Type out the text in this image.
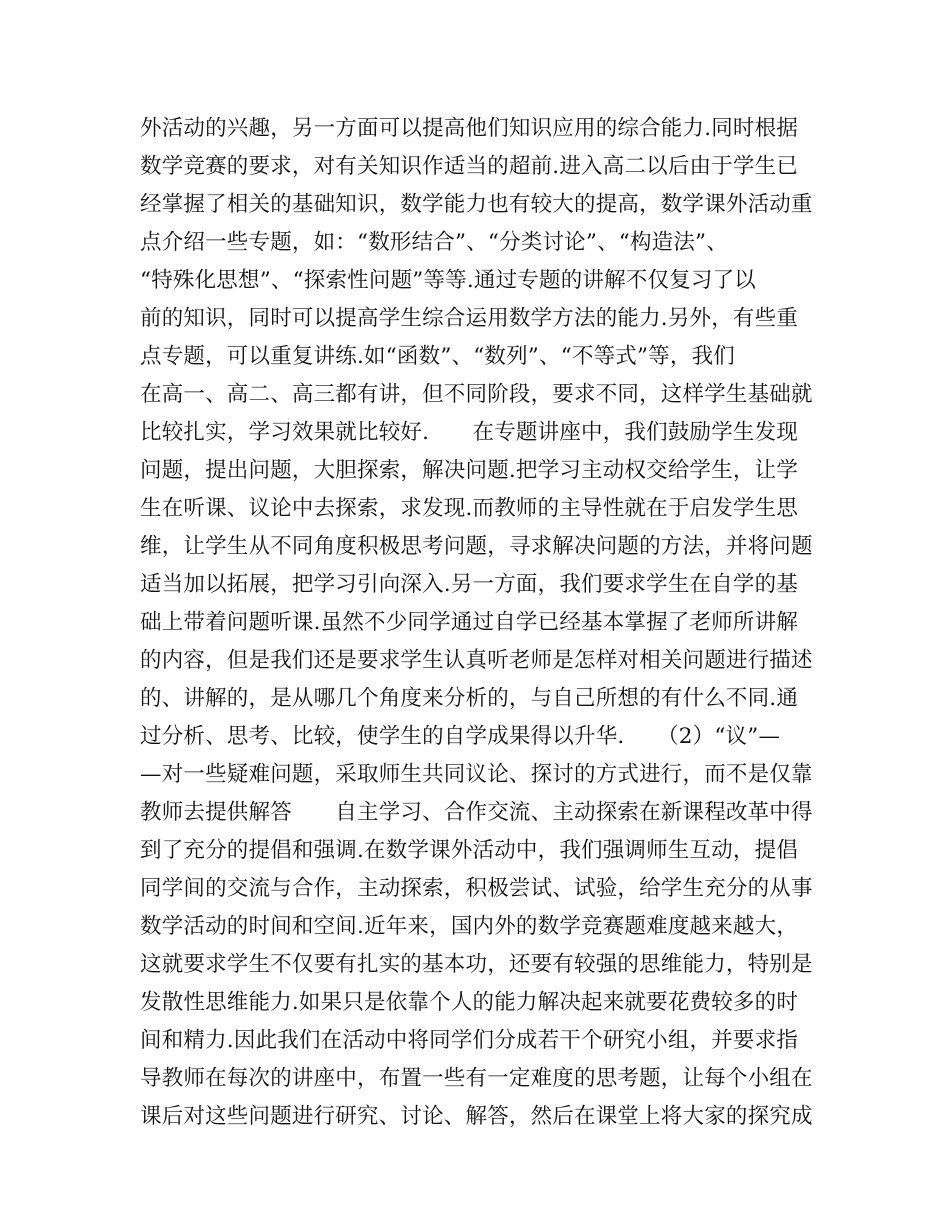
外活动的兴趣，另一方面可以提高他们知识应用的综合能力.同时根据
数学竞赛的要求，对有关知识作适当的超前.进入高二以后由于学生已
经掌握了相关的基础知识，数学能力也有较大的提高，数学课外活动重
点介绍一些专题，如：“数形结合”、“分类讨论”、“构造法”、
“特殊化思想”、“探索性问题”等等.通过专题的讲解不仅复习了以
前的知识，同时可以提高学生综合运用数学方法的能力.另外，有些重
点专题，可以重复讲练.如“函数”、“数列”、“不等式”等，我们
在高一、高二、高三都有讲，但不同阶段，要求不同，这样学生基础就
比较扎实，学习效果就比较好.　　在专题讲座中，我们鼓励学生发现
问题，提出问题，大胆探索，解决问题.把学习主动权交给学生，让学
生在听课、议论中去探索，求发现.而教师的主导性就在于启发学生思
维，让学生从不同角度积极思考问题，寻求解决问题的方法，并将问题
适当加以拓展，把学习引向深入.另一方面，我们要求学生在自学的基
础上带着问题听课.虽然不少同学通过自学已经基本掌握了老师所讲解
的内容，但是我们还是要求学生认真听老师是怎样对相关问题进行描述
的、讲解的，是从哪几个角度来分析的，与自己所想的有什么不同.通
过分析、思考、比较，使学生的自学成果得以升华.　　（2）“议”—
—对一些疑难问题，采取师生共同议论、探讨的方式进行，而不是仅靠
教师去提供解答　　自主学习、合作交流、主动探索在新课程改革中得
到了充分的提倡和强调.在数学课外活动中，我们强调师生互动，提倡
同学间的交流与合作，主动探索，积极尝试、试验，给学生充分的从事
数学活动的时间和空间.近年来，国内外的数学竞赛题难度越来越大，
这就要求学生不仅要有扎实的基本功，还要有较强的思维能力，特别是
发散性思维能力.如果只是依靠个人的能力解决起来就要花费较多的时
间和精力.因此我们在活动中将同学们分成若干个研究小组，并要求指
导教师在每次的讲座中，布置一些有一定难度的思考题，让每个小组在
课后对这些问题进行研究、讨论、解答，然后在课堂上将大家的探究成
